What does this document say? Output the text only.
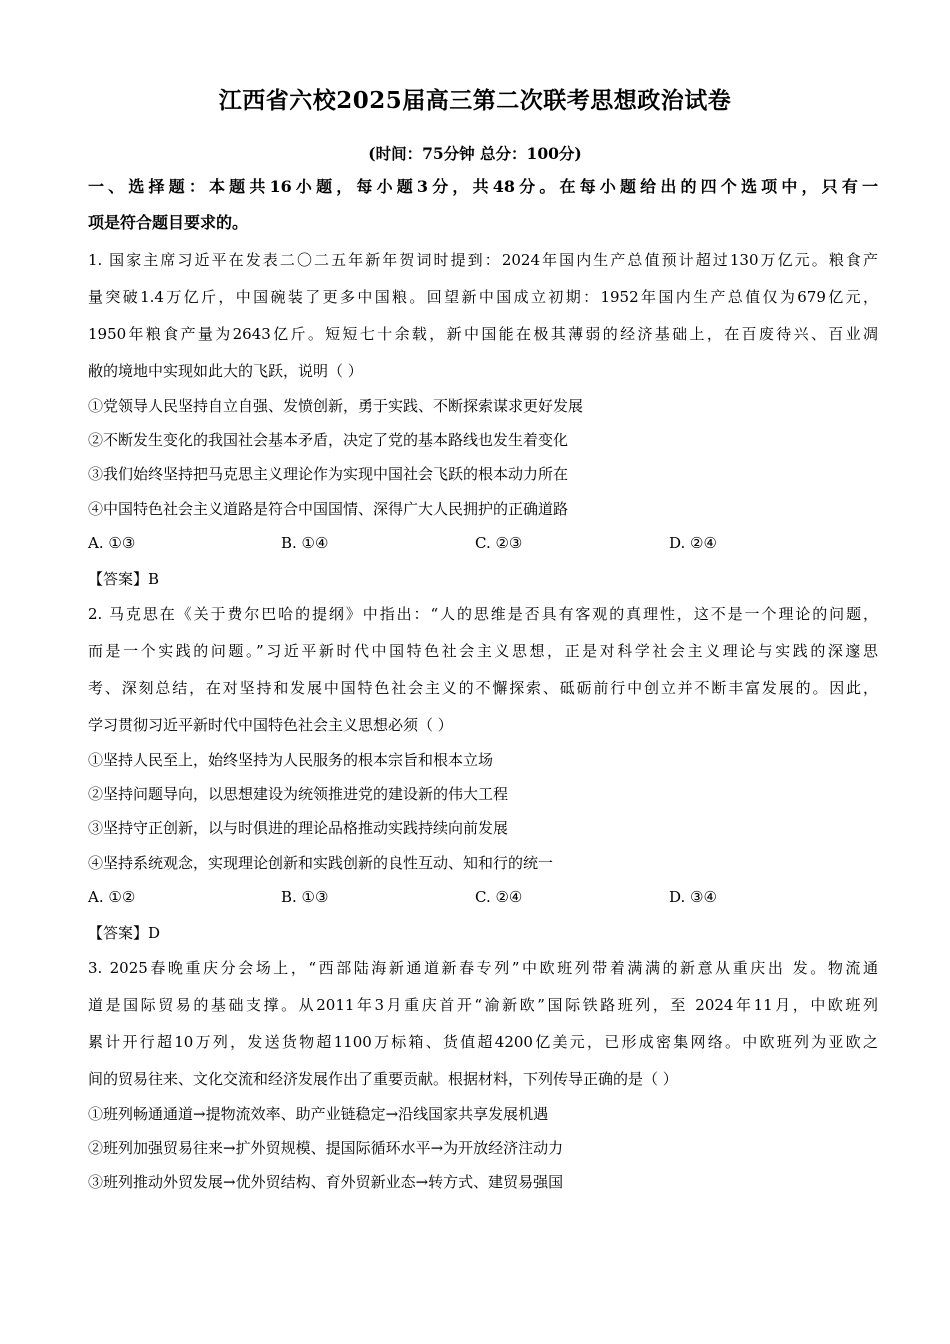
江西省六校2025届高三第二次联考思想政治试卷
(时间：75分钟 总分：100分)
一、选择题：本题共16小题，每小题3分，共48分。在每小题给出的四个选项中，只有一
项是符合题目要求的。
1. 国家主席习近平在发表二〇二五年新年贺词时提到：2024年国内生产总值预计超过130万亿元。粮食产
量突破1.4万亿斤，中国碗装了更多中国粮。回望新中国成立初期：1952年国内生产总值仅为679亿元，
1950年粮食产量为2643亿斤。短短七十余载，新中国能在极其薄弱的经济基础上，在百废待兴、百业凋
敝的境地中实现如此大的飞跃，说明（ ）
①党领导人民坚持自立自强、发愤创新，勇于实践、不断探索谋求更好发展
②不断发生变化的我国社会基本矛盾，决定了党的基本路线也发生着变化
③我们始终坚持把马克思主义理论作为实现中国社会飞跃的根本动力所在
④中国特色社会主义道路是符合中国国情、深得广大人民拥护的正确道路
A. ①③	B. ①④	C. ②③	D. ②④
【答案】B
2. 马克思在《关于费尔巴哈的提纲》中指出：“人的思维是否具有客观的真理性，这不是一个理论的问题，
而是一个实践的问题。”习近平新时代中国特色社会主义思想，正是对科学社会主义理论与实践的深邃思
考、深刻总结，在对坚持和发展中国特色社会主义的不懈探索、砥砺前行中创立并不断丰富发展的。因此，
学习贯彻习近平新时代中国特色社会主义思想必须（ ）
①坚持人民至上，始终坚持为人民服务的根本宗旨和根本立场
②坚持问题导向，以思想建设为统领推进党的建设新的伟大工程
③坚持守正创新，以与时俱进的理论品格推动实践持续向前发展
④坚持系统观念，实现理论创新和实践创新的良性互动、知和行的统一
A. ①②	B. ①③	C. ②④	D. ③④
【答案】D
3. 2025春晚重庆分会场上，“西部陆海新通道新春专列”中欧班列带着满满的新意从重庆出 发。物流通
道是国际贸易的基础支撑。从2011年3月重庆首开“渝新欧”国际铁路班列，至 2024年11月，中欧班列
累计开行超10万列，发送货物超1100万标箱、货值超4200亿美元，已形成密集网络。中欧班列为亚欧之
间的贸易往来、文化交流和经济发展作出了重要贡献。根据材料，下列传导正确的是（ ）
①班列畅通通道→提物流效率、助产业链稳定→沿线国家共享发展机遇
②班列加强贸易往来→扩外贸规模、提国际循环水平→为开放经济注动力
③班列推动外贸发展→优外贸结构、育外贸新业态→转方式、建贸易强国
